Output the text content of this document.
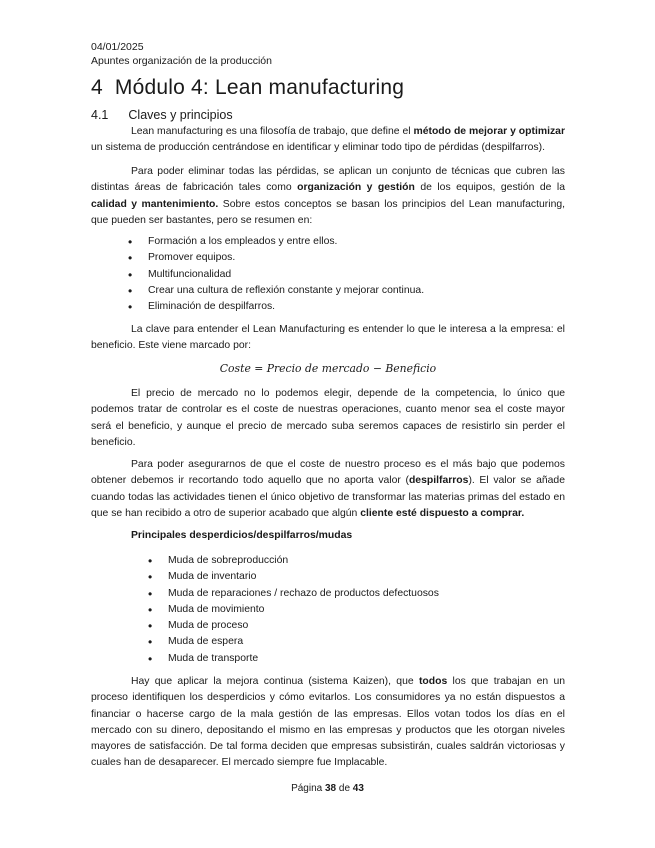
04/01/2025
Apuntes organización de la producción
4 Módulo 4: Lean manufacturing
4.1 Claves y principios

Lean manufacturing es una filosofía de trabajo, que define el método de mejorar y optimizar un sistema de producción centrándose en identificar y eliminar todo tipo de pérdidas (despilfarros).

Para poder eliminar todas las pérdidas, se aplican un conjunto de técnicas que cubren las distintas áreas de fabricación tales como organización y gestión de los equipos, gestión de la calidad y mantenimiento. Sobre estos conceptos se basan los principios del Lean manufacturing, que pueden ser bastantes, pero se resumen en:

• Formación a los empleados y entre ellos.
• Promover equipos.
• Multifuncionalidad
• Crear una cultura de reflexión constante y mejorar continua.
• Eliminación de despilfarros.

La clave para entender el Lean Manufacturing es entender lo que le interesa a la empresa: el beneficio. Este viene marcado por:

Coste = Precio de mercado − Beneficio

El precio de mercado no lo podemos elegir, depende de la competencia, lo único que podemos tratar de controlar es el coste de nuestras operaciones, cuanto menor sea el coste mayor será el beneficio, y aunque el precio de mercado suba seremos capaces de resistirlo sin perder el beneficio.

Para poder asegurarnos de que el coste de nuestro proceso es el más bajo que podemos obtener debemos ir recortando todo aquello que no aporta valor (despilfarros). El valor se añade cuando todas las actividades tienen el único objetivo de transformar las materias primas del estado en que se han recibido a otro de superior acabado que algún cliente esté dispuesto a comprar.

Principales desperdicios/despilfarros/mudas
• Muda de sobreproducción
• Muda de inventario
• Muda de reparaciones / rechazo de productos defectuosos
• Muda de movimiento
• Muda de proceso
• Muda de espera
• Muda de transporte

Hay que aplicar la mejora continua (sistema Kaizen), que todos los que trabajan en un proceso identifiquen los desperdicios y cómo evitarlos. Los consumidores ya no están dispuestos a financiar o hacerse cargo de la mala gestión de las empresas. Ellos votan todos los días en el mercado con su dinero, depositando el mismo en las empresas y productos que les otorgan niveles mayores de satisfacción. De tal forma deciden que empresas subsistirán, cuales saldrán victoriosas y cuales han de desaparecer. El mercado siempre fue Implacable.

Página 38 de 43
